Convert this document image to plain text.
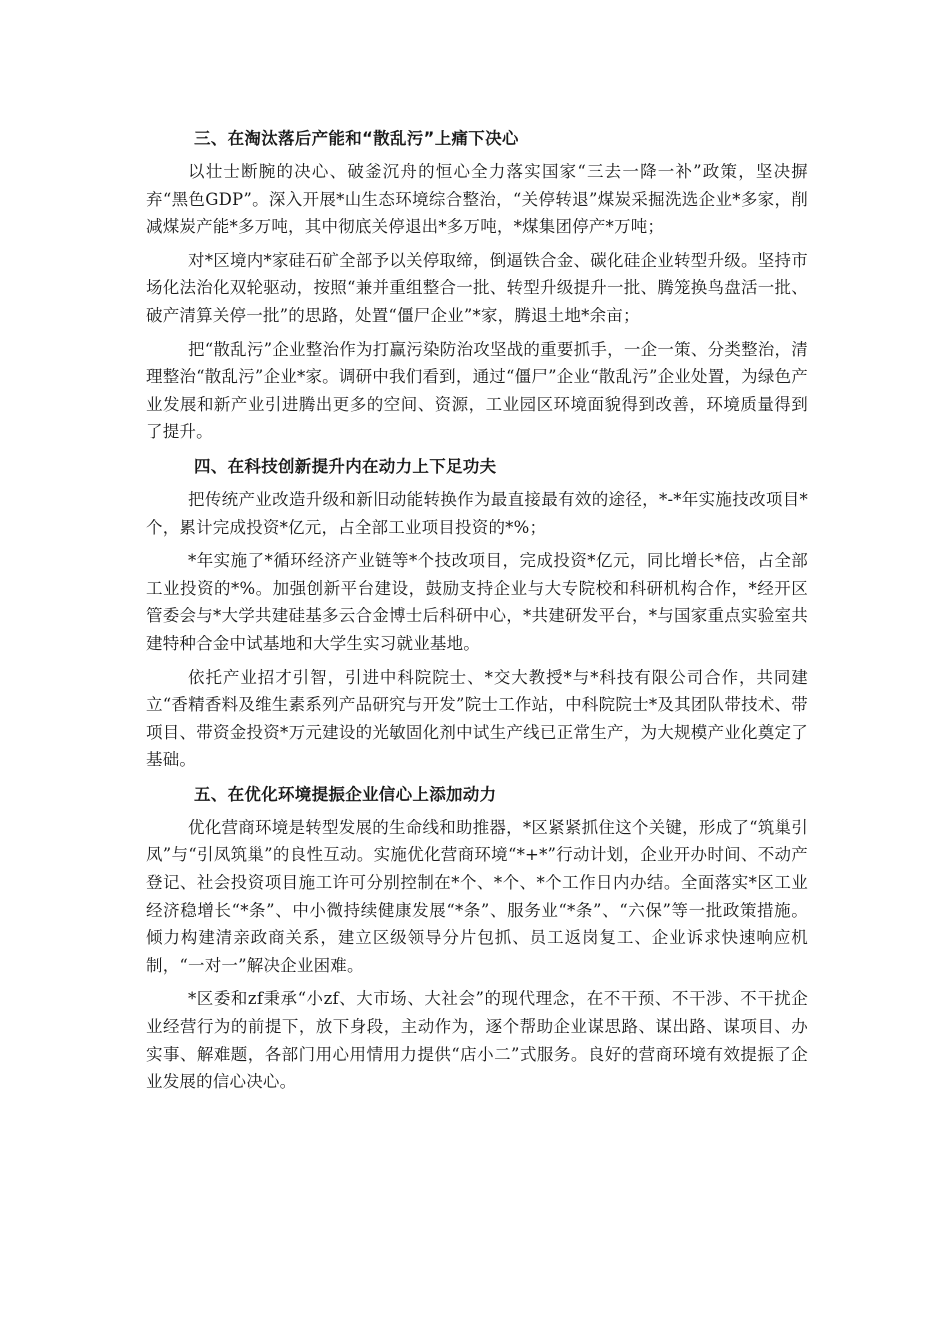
三、在淘汰落后产能和“散乱污”上痛下决心

以壮士断腕的决心、破釜沉舟的恒心全力落实国家“三去一降一补”政策，坚决摒弃“黑色GDP”。深入开展*山生态环境综合整治，“关停转退”煤炭采掘洗选企业*多家，削减煤炭产能*多万吨，其中彻底关停退出*多万吨，*煤集团停产*万吨；

对*区境内*家硅石矿全部予以关停取缔，倒逼铁合金、碳化硅企业转型升级。坚持市场化法治化双轮驱动，按照“兼并重组整合一批、转型升级提升一批、腾笼换鸟盘活一批、破产清算关停一批”的思路，处置“僵尸企业”*家，腾退土地*余亩；

把“散乱污”企业整治作为打赢污染防治攻坚战的重要抓手，一企一策、分类整治，清理整治“散乱污”企业*家。调研中我们看到，通过“僵尸”企业“散乱污”企业处置，为绿色产业发展和新产业引进腾出更多的空间、资源，工业园区环境面貌得到改善，环境质量得到了提升。

四、在科技创新提升内在动力上下足功夫

把传统产业改造升级和新旧动能转换作为最直接最有效的途径，*-*年实施技改项目*个，累计完成投资*亿元，占全部工业项目投资的*%；

*年实施了*循环经济产业链等*个技改项目，完成投资*亿元，同比增长*倍，占全部工业投资的*%。加强创新平台建设，鼓励支持企业与大专院校和科研机构合作，*经开区管委会与*大学共建硅基多云合金博士后科研中心，*共建研发平台，*与国家重点实验室共建特种合金中试基地和大学生实习就业基地。

依托产业招才引智，引进中科院院士、*交大教授*与*科技有限公司合作，共同建立“香精香料及维生素系列产品研究与开发”院士工作站，中科院院士*及其团队带技术、带项目、带资金投资*万元建设的光敏固化剂中试生产线已正常生产，为大规模产业化奠定了基础。

五、在优化环境提振企业信心上添加动力

优化营商环境是转型发展的生命线和助推器，*区紧紧抓住这个关键，形成了“筑巢引凤”与“引凤筑巢”的良性互动。实施优化营商环境“*+*”行动计划，企业开办时间、不动产登记、社会投资项目施工许可分别控制在*个、*个、*个工作日内办结。全面落实*区工业经济稳增长“*条”、中小微持续健康发展“*条”、服务业“*条”、“六保”等一批政策措施。倾力构建清亲政商关系，建立区级领导分片包抓、员工返岗复工、企业诉求快速响应机制，“一对一”解决企业困难。

*区委和zf秉承“小zf、大市场、大社会”的现代理念，在不干预、不干涉、不干扰企业经营行为的前提下，放下身段，主动作为，逐个帮助企业谋思路、谋出路、谋项目、办实事、解难题，各部门用心用情用力提供“店小二”式服务。良好的营商环境有效提振了企业发展的信心决心。
